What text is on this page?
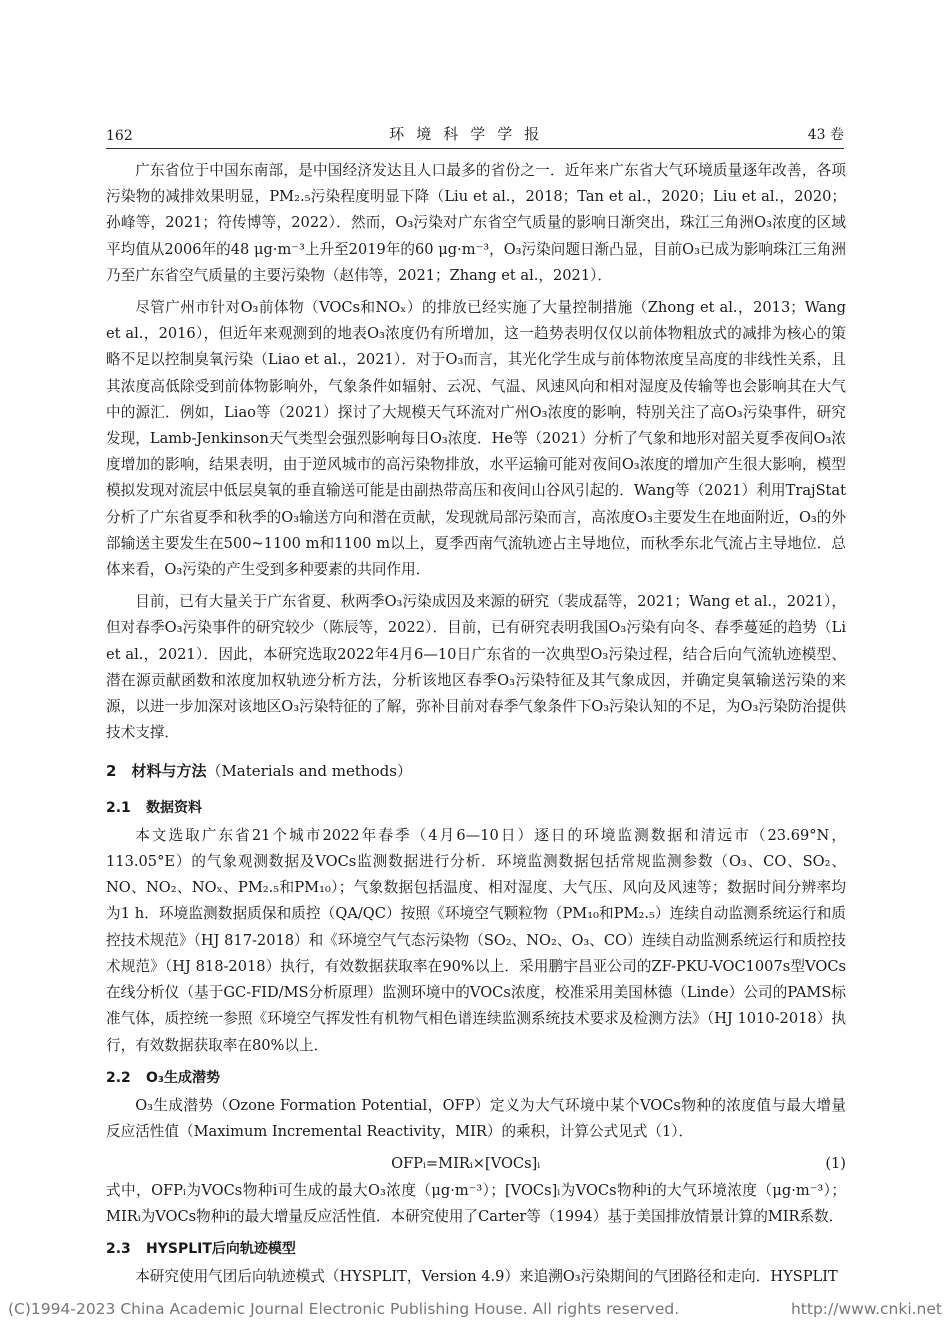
162	环境科学学报	43 卷

广东省位于中国东南部，是中国经济发达且人口最多的省份之一．近年来广东省大气环境质量逐年改善，各项污染物的减排效果明显，PM₂.₅污染程度明显下降（Liu et al.，2018；Tan et al.，2020；Liu et al.，2020；孙峰等，2021；符传博等，2022）．然而，O₃污染对广东省空气质量的影响日渐突出，珠江三角洲O₃浓度的区域平均值从2006年的48 μg·m⁻³上升至2019年的60 μg·m⁻³，O₃污染问题日渐凸显，目前O₃已成为影响珠江三角洲乃至广东省空气质量的主要污染物（赵伟等，2021；Zhang et al.，2021）．

尽管广州市针对O₃前体物（VOCs和NOₓ）的排放已经实施了大量控制措施（Zhong et al.，2013；Wang et al.，2016），但近年来观测到的地表O₃浓度仍有所增加，这一趋势表明仅仅以前体物粗放式的减排为核心的策略不足以控制臭氧污染（Liao et al.，2021）．对于O₃而言，其光化学生成与前体物浓度呈高度的非线性关系，且其浓度高低除受到前体物影响外，气象条件如辐射、云况、气温、风速风向和相对湿度及传输等也会影响其在大气中的源汇．例如，Liao等（2021）探讨了大规模天气环流对广州O₃浓度的影响，特别关注了高O₃污染事件，研究发现，Lamb-Jenkinson天气类型会强烈影响每日O₃浓度．He等（2021）分析了气象和地形对韶关夏季夜间O₃浓度增加的影响，结果表明，由于逆风城市的高污染物排放，水平运输可能对夜间O₃浓度的增加产生很大影响，模型模拟发现对流层中低层臭氧的垂直输送可能是由副热带高压和夜间山谷风引起的．Wang等（2021）利用TrajStat分析了广东省夏季和秋季的O₃输送方向和潜在贡献，发现就局部污染而言，高浓度O₃主要发生在地面附近，O₃的外部输送主要发生在500~1100 m和1100 m以上，夏季西南气流轨迹占主导地位，而秋季东北气流占主导地位．总体来看，O₃污染的产生受到多种要素的共同作用．

目前，已有大量关于广东省夏、秋两季O₃污染成因及来源的研究（裴成磊等，2021；Wang et al.，2021），但对春季O₃污染事件的研究较少（陈辰等，2022）．目前，已有研究表明我国O₃污染有向冬、春季蔓延的趋势（Li et al.，2021）．因此，本研究选取2022年4月6—10日广东省的一次典型O₃污染过程，结合后向气流轨迹模型、潜在源贡献函数和浓度加权轨迹分析方法，分析该地区春季O₃污染特征及其气象成因，并确定臭氧输送污染的来源，以进一步加深对该地区O₃污染特征的了解，弥补目前对春季气象条件下O₃污染认知的不足，为O₃污染防治提供技术支撑．

2　材料与方法（Materials and methods）
2.1 数据资料

本文选取广东省21个城市2022年春季（4月6—10日）逐日的环境监测数据和清远市（23.69°N，113.05°E）的气象观测数据及VOCs监测数据进行分析．环境监测数据包括常规监测参数（O₃、CO、SO₂、NO、NO₂、NOₓ、PM₂.₅和PM₁₀）；气象数据包括温度、相对湿度、大气压、风向及风速等；数据时间分辨率均为1 h．环境监测数据质保和质控（QA/QC）按照《环境空气颗粒物（PM₁₀和PM₂.₅）连续自动监测系统运行和质控技术规范》（HJ 817-2018）和《环境空气气态污染物（SO₂、NO₂、O₃、CO）连续自动监测系统运行和质控技术规范》（HJ 818-2018）执行，有效数据获取率在90%以上．采用鹏宇昌亚公司的ZF-PKU-VOC1007s型VOCs在线分析仪（基于GC-FID/MS分析原理）监测环境中的VOCs浓度，校准采用美国林德（Linde）公司的PAMS标准气体，质控统一参照《环境空气挥发性有机物气相色谱连续监测系统技术要求及检测方法》（HJ 1010-2018）执行，有效数据获取率在80%以上．

2.2 O₃生成潜势

O₃生成潜势（Ozone Formation Potential，OFP）定义为大气环境中某个VOCs物种的浓度值与最大增量反应活性值（Maximum Incremental Reactivity，MIR）的乘积，计算公式见式（1）．

OFPᵢ=MIRᵢ×[VOCs]ᵢ	(1)

式中，OFPᵢ为VOCs物种i可生成的最大O₃浓度（μg·m⁻³）；[VOCs]ᵢ为VOCs物种i的大气环境浓度（μg·m⁻³）；MIRᵢ为VOCs物种i的最大增量反应活性值．本研究使用了Carter等（1994）基于美国排放情景计算的MIR系数．

2.3 HYSPLIT后向轨迹模型

本研究使用气团后向轨迹模式（HYSPLIT，Version 4.9）来追溯O₃污染期间的气团路径和走向．HYSPLIT

(C)1994-2023 China Academic Journal Electronic Publishing House. All rights reserved.	http://www.cnki.net
